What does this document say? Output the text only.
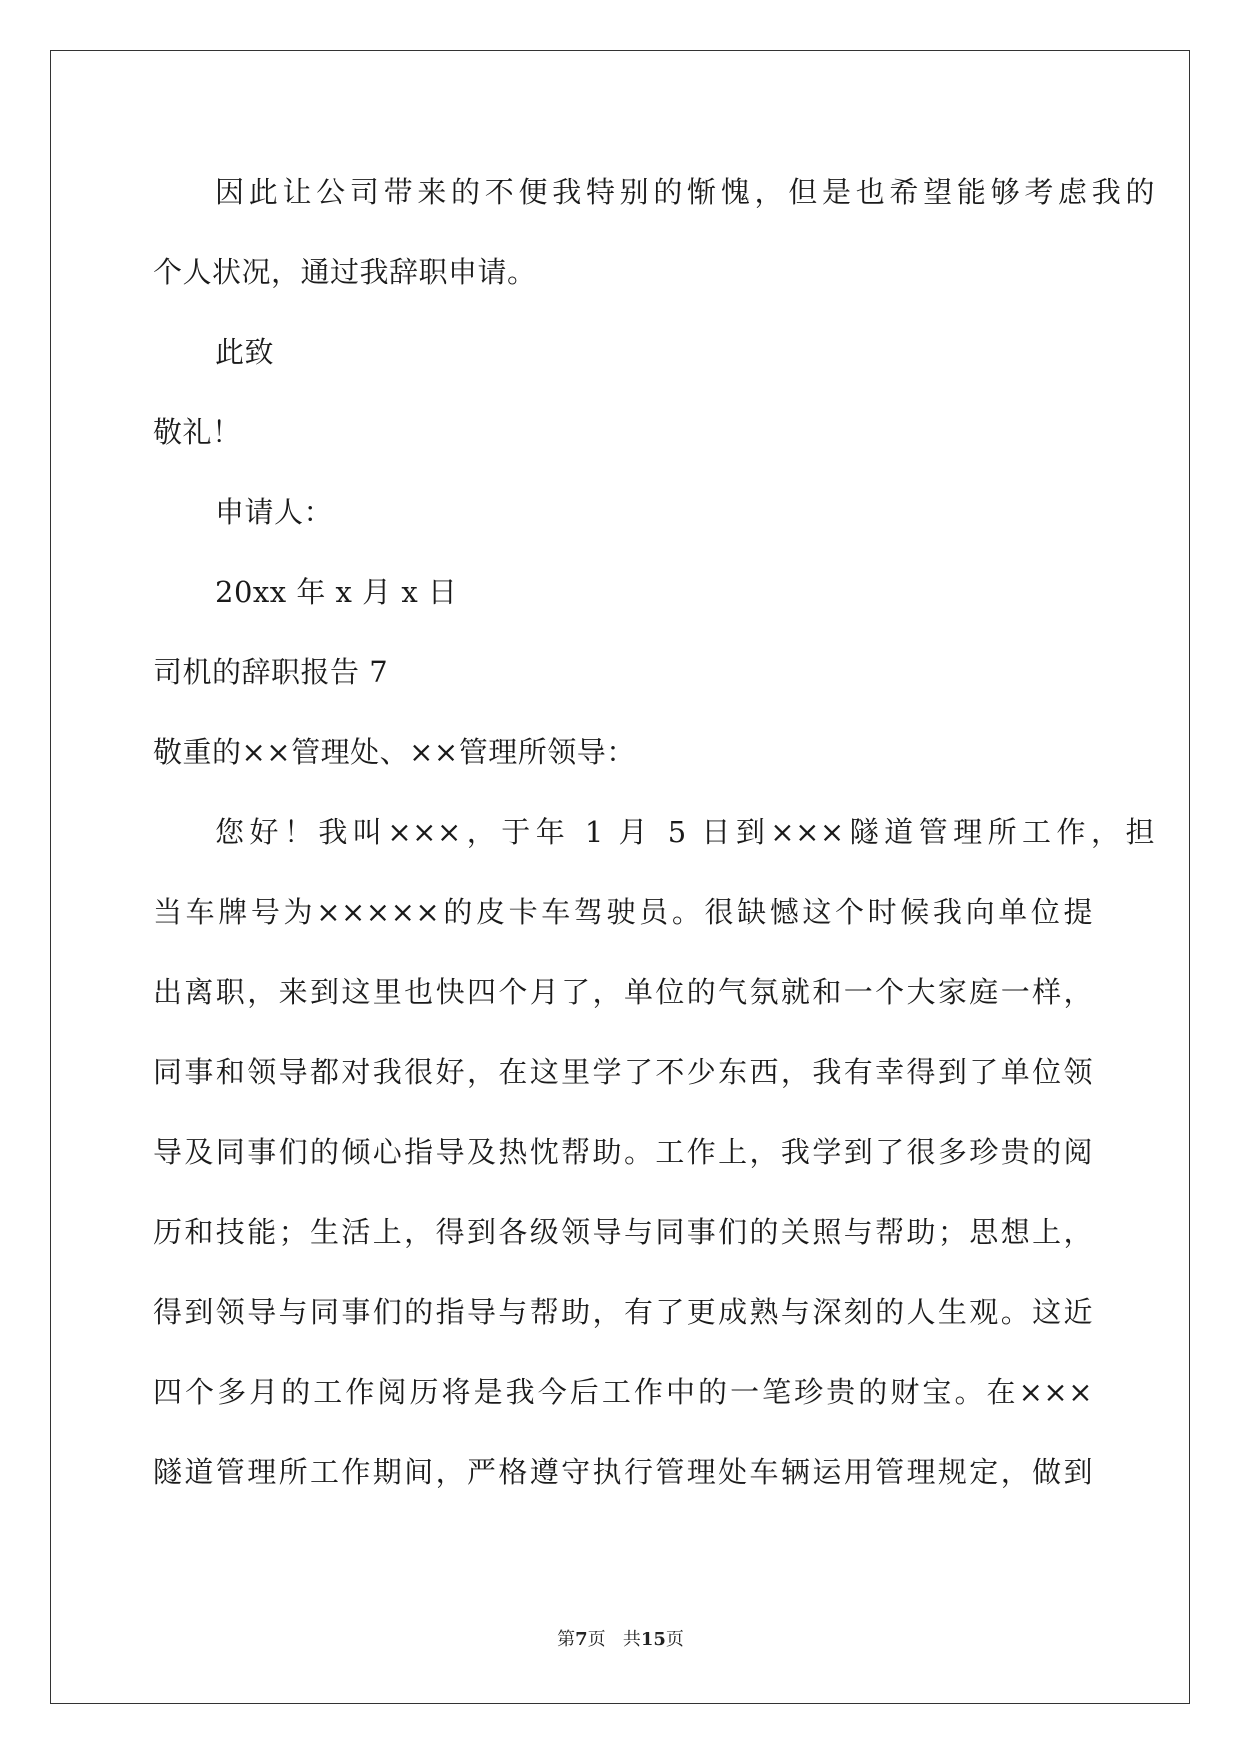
因此让公司带来的不便我特别的惭愧，但是也希望能够考虑我的
个人状况，通过我辞职申请。
此致
敬礼！
申请人：
20xx 年 x 月 x 日
司机的辞职报告 7
敬重的××管理处、××管理所领导：
您好！我叫×××，于年 1 月 5 日到×××隧道管理所工作，担
当车牌号为×××××的皮卡车驾驶员。很缺憾这个时候我向单位提
出离职，来到这里也快四个月了，单位的气氛就和一个大家庭一样，
同事和领导都对我很好，在这里学了不少东西，我有幸得到了单位领
导及同事们的倾心指导及热忱帮助。工作上，我学到了很多珍贵的阅
历和技能；生活上，得到各级领导与同事们的关照与帮助；思想上，
得到领导与同事们的指导与帮助，有了更成熟与深刻的人生观。这近
四个多月的工作阅历将是我今后工作中的一笔珍贵的财宝。在×××
隧道管理所工作期间，严格遵守执行管理处车辆运用管理规定，做到
第7页 共15页
